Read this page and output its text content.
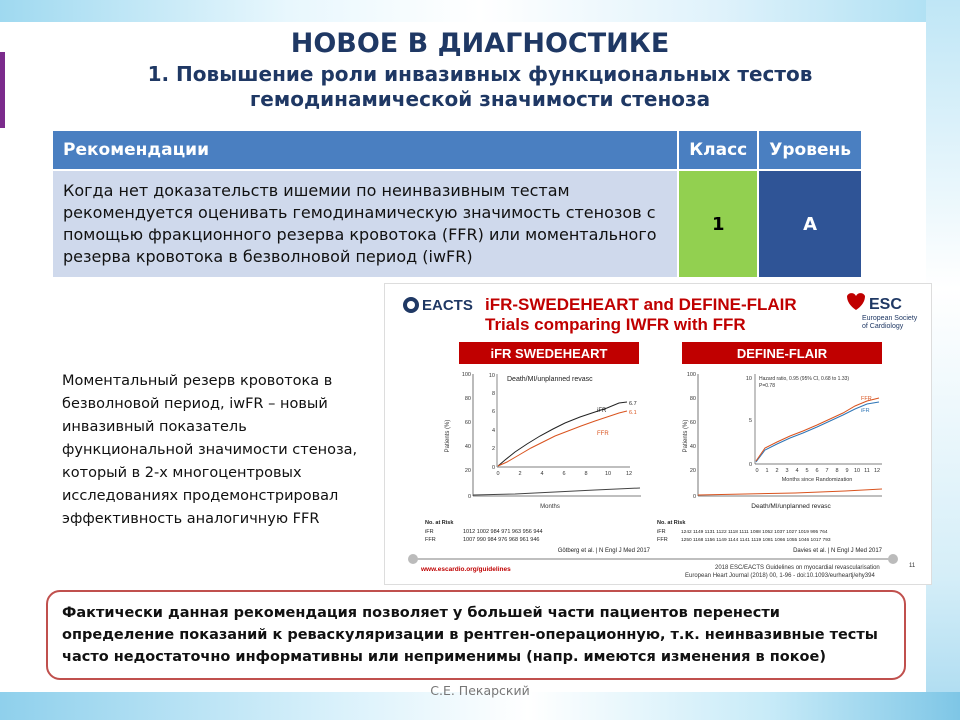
НОВОЕ В ДИАГНОСТИКЕ
1. Повышение роли инвазивных функциональных тестов
гемодинамической значимости стеноза
Рекомендации	Класс	Уровень
Когда нет доказательств ишемии по неинвазивным тестам рекомендуется оценивать гемодинамическую значимость стенозов с помощью фракционного резерва кровотока (FFR) или моментального резерва кровотока в безволновой период (iwFR)	1	A

Моментальный резерв кровотока в безволновой период, iwFR – новый инвазивный показатель функциональной значимости стеноза, который в 2-х многоцентровых исследованиях продемонстрировал эффективность аналогичную FFR

EACTS iFR-SWEDEHEART and DEFINE-FLAIR
Trials comparing IWFR with FFR
ESC
European Society
of Cardiology
iFR SWEDEHEART	DEFINE-FLAIR
100
80
60
40
20
0
Patients (%)
10
8
6
4
2
0
0	2	4	6	8	10	12
Death/MI/unplanned revasc
iFR
FFR
6.7
6.1
Months
100
80
60
40
20
0
Patients (%)
10
5
0
0 1 2 3 4 5 6 7 8 9 10 11 12
Hazard ratio, 0.95 (95% CI, 0.68 to 1.33)
P=0.78
FFR
iFR
Months since Randomization
Death/MI/unplanned revasc
No. at Risk
iFR	1012 1002 984 971 963 956 944
FFR	1007 990 984 976 968 961 946
No. at Risk
iFR	1242 1149 1131 1122 1118 1111 1088 1052 1037 1027 1019 995 764
FFR	1250 1168 1156 1149 1144 1141 1119 1081 1066 1055 1046 1017 793
Götberg et al. | N Engl J Med 2017	Davies et al. | N Engl J Med 2017
www.escardio.org/guidelines	2018 ESC/EACTS Guidelines on myocardial revascularisation
European Heart Journal (2018) 00, 1-96 - doi:10.1093/eurheartj/ehy394
11

Фактически данная рекомендация позволяет у большей части пациентов перенести определение показаний к реваскуляризации в рентген-операционную, т.к. неинвазивные тесты часто недостаточно информативны или неприменимы (напр. имеются изменения в покое)

С.Е. Пекарский
